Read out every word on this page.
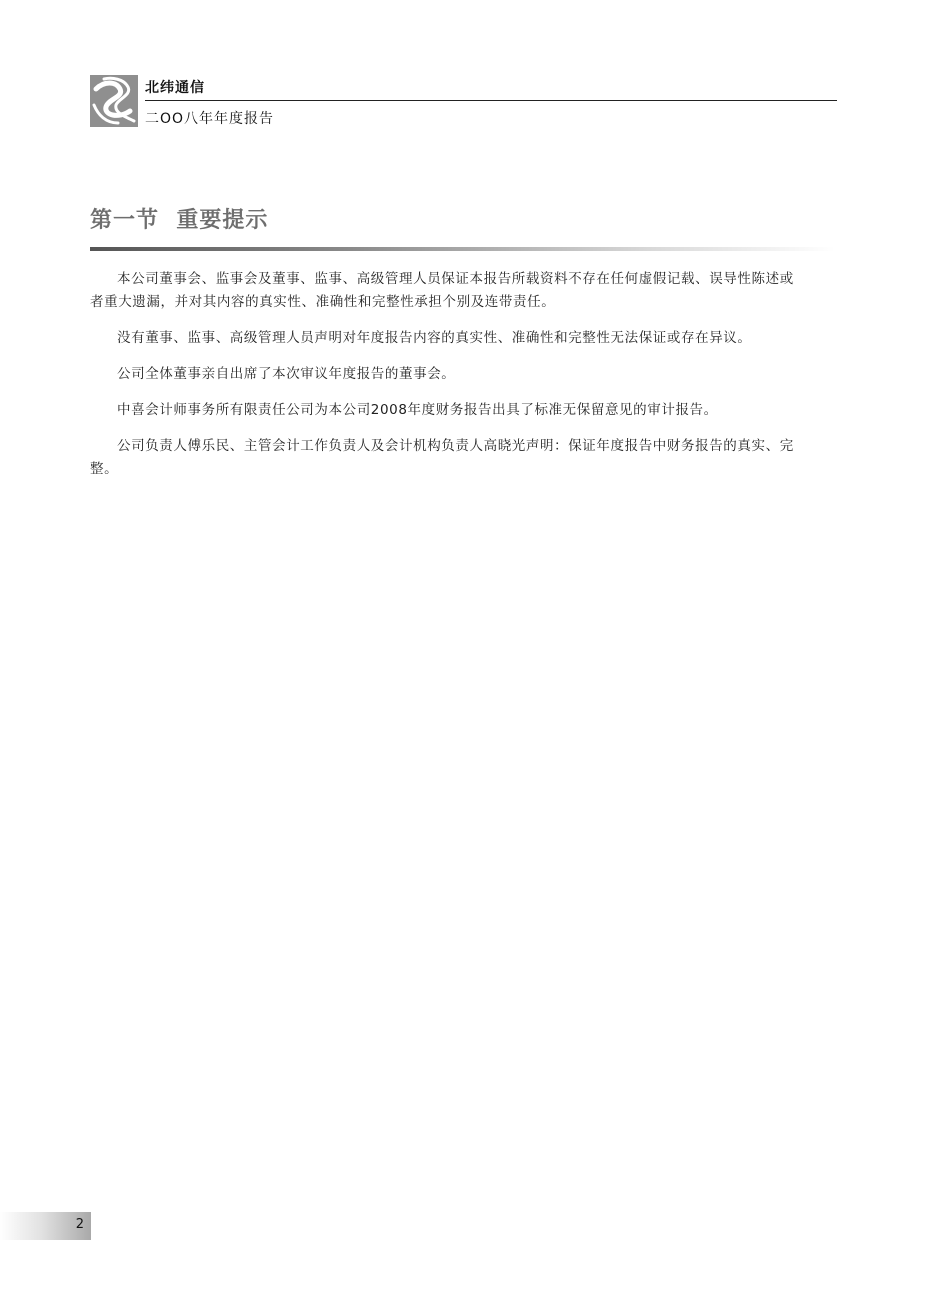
北纬通信
二OO八年年度报告
第一节  重要提示

本公司董事会、监事会及董事、监事、高级管理人员保证本报告所载资料不存在任何虚假记载、误导性陈述或者重大遗漏，并对其内容的真实性、准确性和完整性承担个别及连带责任。

没有董事、监事、高级管理人员声明对年度报告内容的真实性、准确性和完整性无法保证或存在异议。

公司全体董事亲自出席了本次审议年度报告的董事会。

中喜会计师事务所有限责任公司为本公司2008年度财务报告出具了标准无保留意见的审计报告。

公司负责人傅乐民、主管会计工作负责人及会计机构负责人高晓光声明：保证年度报告中财务报告的真实、完整。

2
